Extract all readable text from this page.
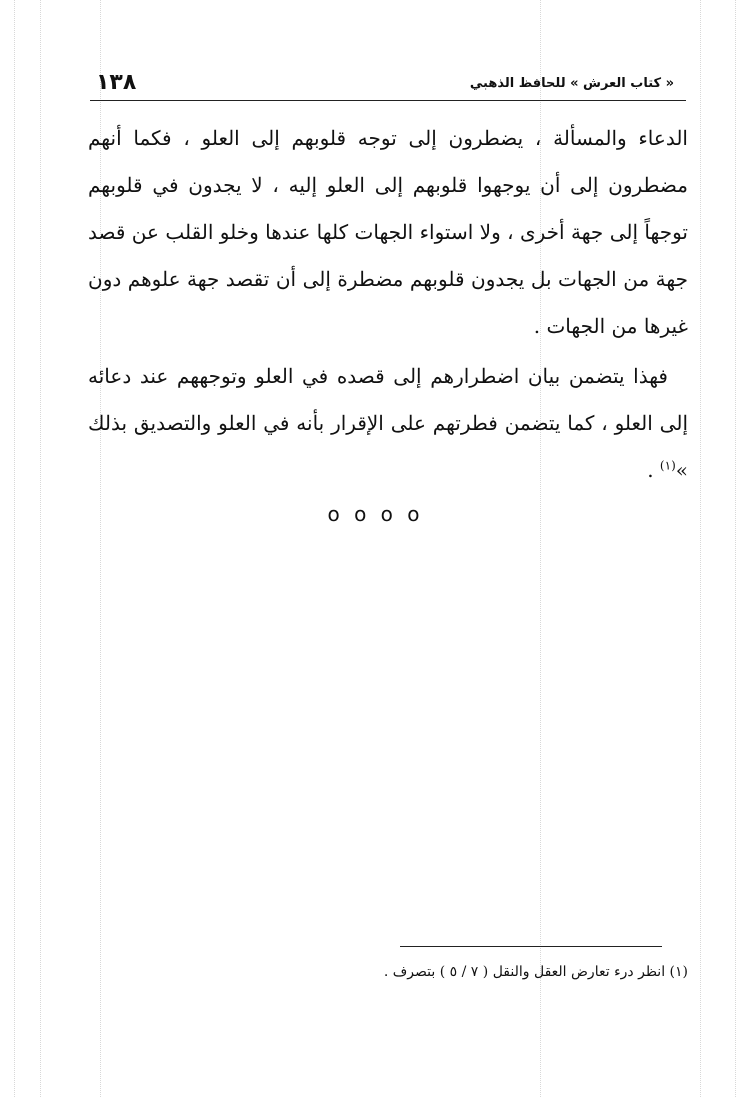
« كتاب العرش » للحافظ الذهبي
١٣٨

الدعاء والمسألة ، يضطرون إلى توجه قلوبهم إلى العلو ، فكما أنهم مضطرون إلى أن يوجهوا قلوبهم إلى العلو إليه ، لا يجدون في قلوبهم توجهاً إلى جهة أخرى ، ولا استواء الجهات كلها عندها وخلو القلب عن قصد جهة من الجهات بل يجدون قلوبهم مضطرة إلى أن تقصد جهة علوهم دون غيرها من الجهات .

فهذا يتضمن بيان اضطرارهم إلى قصده في العلو وتوجههم عند دعائه إلى العلو ، كما يتضمن فطرتهم على الإقرار بأنه في العلو والتصديق بذلك »$^{(١)}$ .

o o o o
(١) انظر درء تعارض العقل والنقل ( ٧ / ٥ ) بتصرف .
